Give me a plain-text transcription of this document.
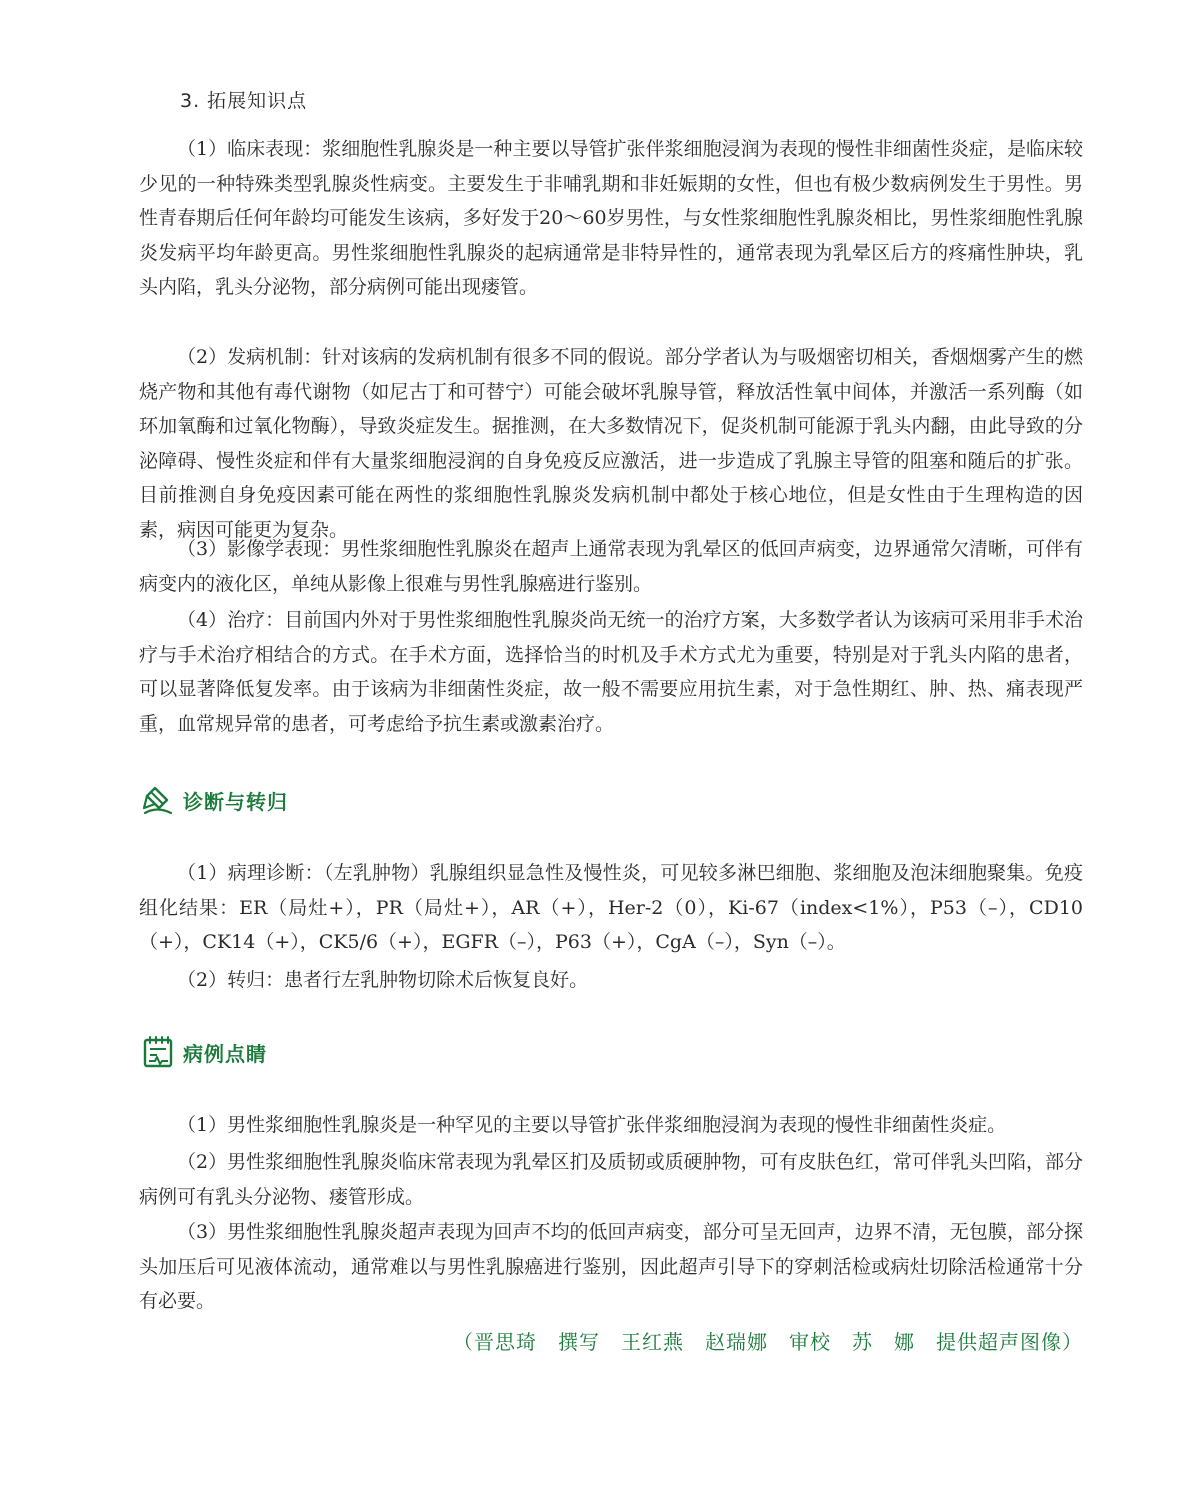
3. 拓展知识点

（1）临床表现：浆细胞性乳腺炎是一种主要以导管扩张伴浆细胞浸润为表现的慢性非细菌性炎症，是临床较少见的一种特殊类型乳腺炎性病变。主要发生于非哺乳期和非妊娠期的女性，但也有极少数病例发生于男性。男性青春期后任何年龄均可能发生该病，多好发于20～60岁男性，与女性浆细胞性乳腺炎相比，男性浆细胞性乳腺炎发病平均年龄更高。男性浆细胞性乳腺炎的起病通常是非特异性的，通常表现为乳晕区后方的疼痛性肿块，乳头内陷，乳头分泌物，部分病例可能出现瘘管。

（2）发病机制：针对该病的发病机制有很多不同的假说。部分学者认为与吸烟密切相关，香烟烟雾产生的燃烧产物和其他有毒代谢物（如尼古丁和可替宁）可能会破坏乳腺导管，释放活性氧中间体，并激活一系列酶（如环加氧酶和过氧化物酶），导致炎症发生。据推测，在大多数情况下，促炎机制可能源于乳头内翻，由此导致的分泌障碍、慢性炎症和伴有大量浆细胞浸润的自身免疫反应激活，进一步造成了乳腺主导管的阻塞和随后的扩张。目前推测自身免疫因素可能在两性的浆细胞性乳腺炎发病机制中都处于核心地位，但是女性由于生理构造的因素，病因可能更为复杂。

（3）影像学表现：男性浆细胞性乳腺炎在超声上通常表现为乳晕区的低回声病变，边界通常欠清晰，可伴有病变内的液化区，单纯从影像上很难与男性乳腺癌进行鉴别。

（4）治疗：目前国内外对于男性浆细胞性乳腺炎尚无统一的治疗方案，大多数学者认为该病可采用非手术治疗与手术治疗相结合的方式。在手术方面，选择恰当的时机及手术方式尤为重要，特别是对于乳头内陷的患者，可以显著降低复发率。由于该病为非细菌性炎症，故一般不需要应用抗生素，对于急性期红、肿、热、痛表现严重，血常规异常的患者，可考虑给予抗生素或激素治疗。

诊断与转归

（1）病理诊断：（左乳肿物）乳腺组织显急性及慢性炎，可见较多淋巴细胞、浆细胞及泡沫细胞聚集。免疫组化结果：ER（局灶+），PR（局灶+），AR（+），Her-2（0），Ki-67（index<1%），P53（–），CD10（+），CK14（+），CK5/6（+），EGFR（–），P63（+），CgA（–），Syn（–）。

（2）转归：患者行左乳肿物切除术后恢复良好。

病例点睛

（1）男性浆细胞性乳腺炎是一种罕见的主要以导管扩张伴浆细胞浸润为表现的慢性非细菌性炎症。

（2）男性浆细胞性乳腺炎临床常表现为乳晕区扪及质韧或质硬肿物，可有皮肤色红，常可伴乳头凹陷，部分病例可有乳头分泌物、瘘管形成。

（3）男性浆细胞性乳腺炎超声表现为回声不均的低回声病变，部分可呈无回声，边界不清，无包膜，部分探头加压后可见液体流动，通常难以与男性乳腺癌进行鉴别，因此超声引导下的穿刺活检或病灶切除活检通常十分有必要。

（晋思琦　撰写　王红燕　赵瑞娜　审校　苏　娜　提供超声图像）
